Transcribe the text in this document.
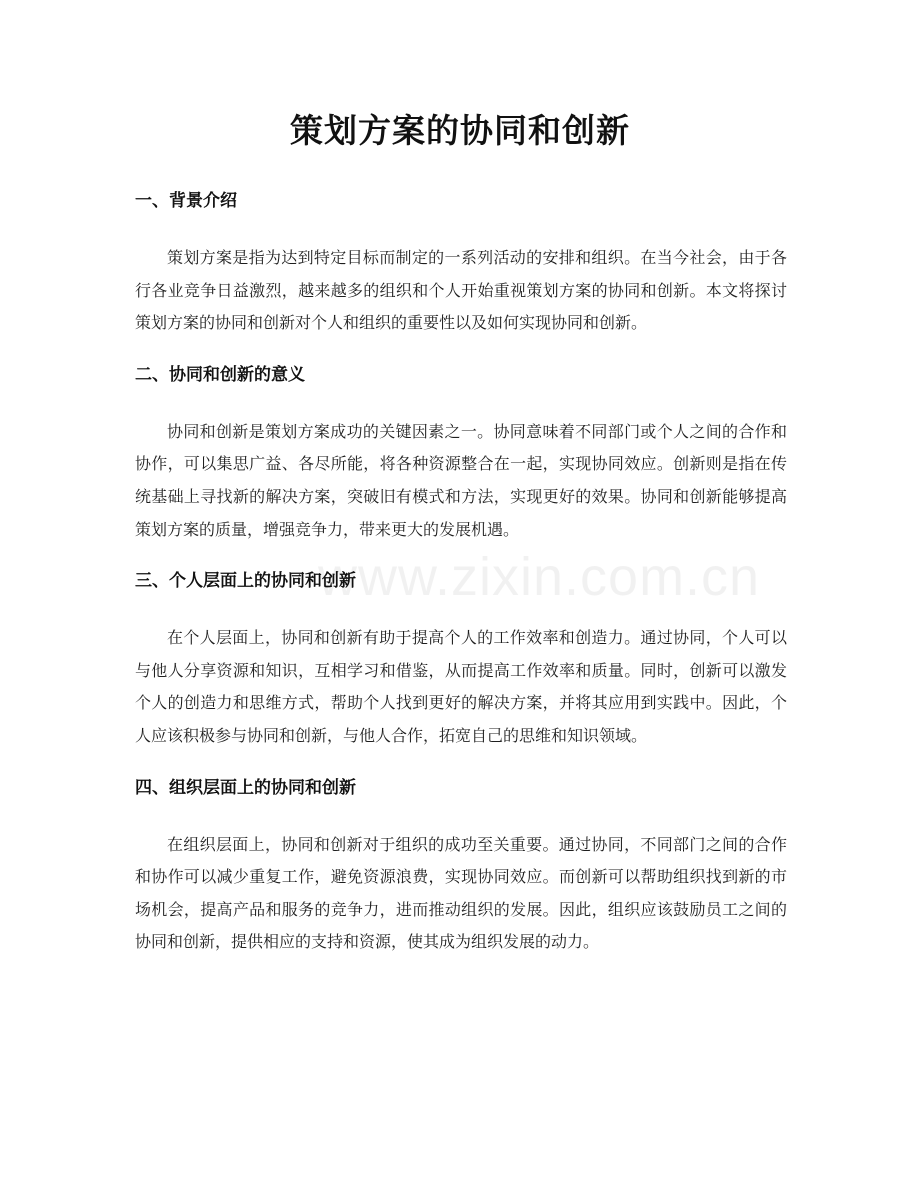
策划方案的协同和创新
一、背景介绍

策划方案是指为达到特定目标而制定的一系列活动的安排和组织。在当今社会，由于各行各业竞争日益激烈，越来越多的组织和个人开始重视策划方案的协同和创新。本文将探讨策划方案的协同和创新对个人和组织的重要性以及如何实现协同和创新。

二、协同和创新的意义

协同和创新是策划方案成功的关键因素之一。协同意味着不同部门或个人之间的合作和协作，可以集思广益、各尽所能，将各种资源整合在一起，实现协同效应。创新则是指在传统基础上寻找新的解决方案，突破旧有模式和方法，实现更好的效果。协同和创新能够提高策划方案的质量，增强竞争力，带来更大的发展机遇。

三、个人层面上的协同和创新

在个人层面上，协同和创新有助于提高个人的工作效率和创造力。通过协同，个人可以与他人分享资源和知识，互相学习和借鉴，从而提高工作效率和质量。同时，创新可以激发个人的创造力和思维方式，帮助个人找到更好的解决方案，并将其应用到实践中。因此，个人应该积极参与协同和创新，与他人合作，拓宽自己的思维和知识领域。

四、组织层面上的协同和创新

在组织层面上，协同和创新对于组织的成功至关重要。通过协同，不同部门之间的合作和协作可以减少重复工作，避免资源浪费，实现协同效应。而创新可以帮助组织找到新的市场机会，提高产品和服务的竞争力，进而推动组织的发展。因此，组织应该鼓励员工之间的协同和创新，提供相应的支持和资源，使其成为组织发展的动力。

www.zixin.com.cn
